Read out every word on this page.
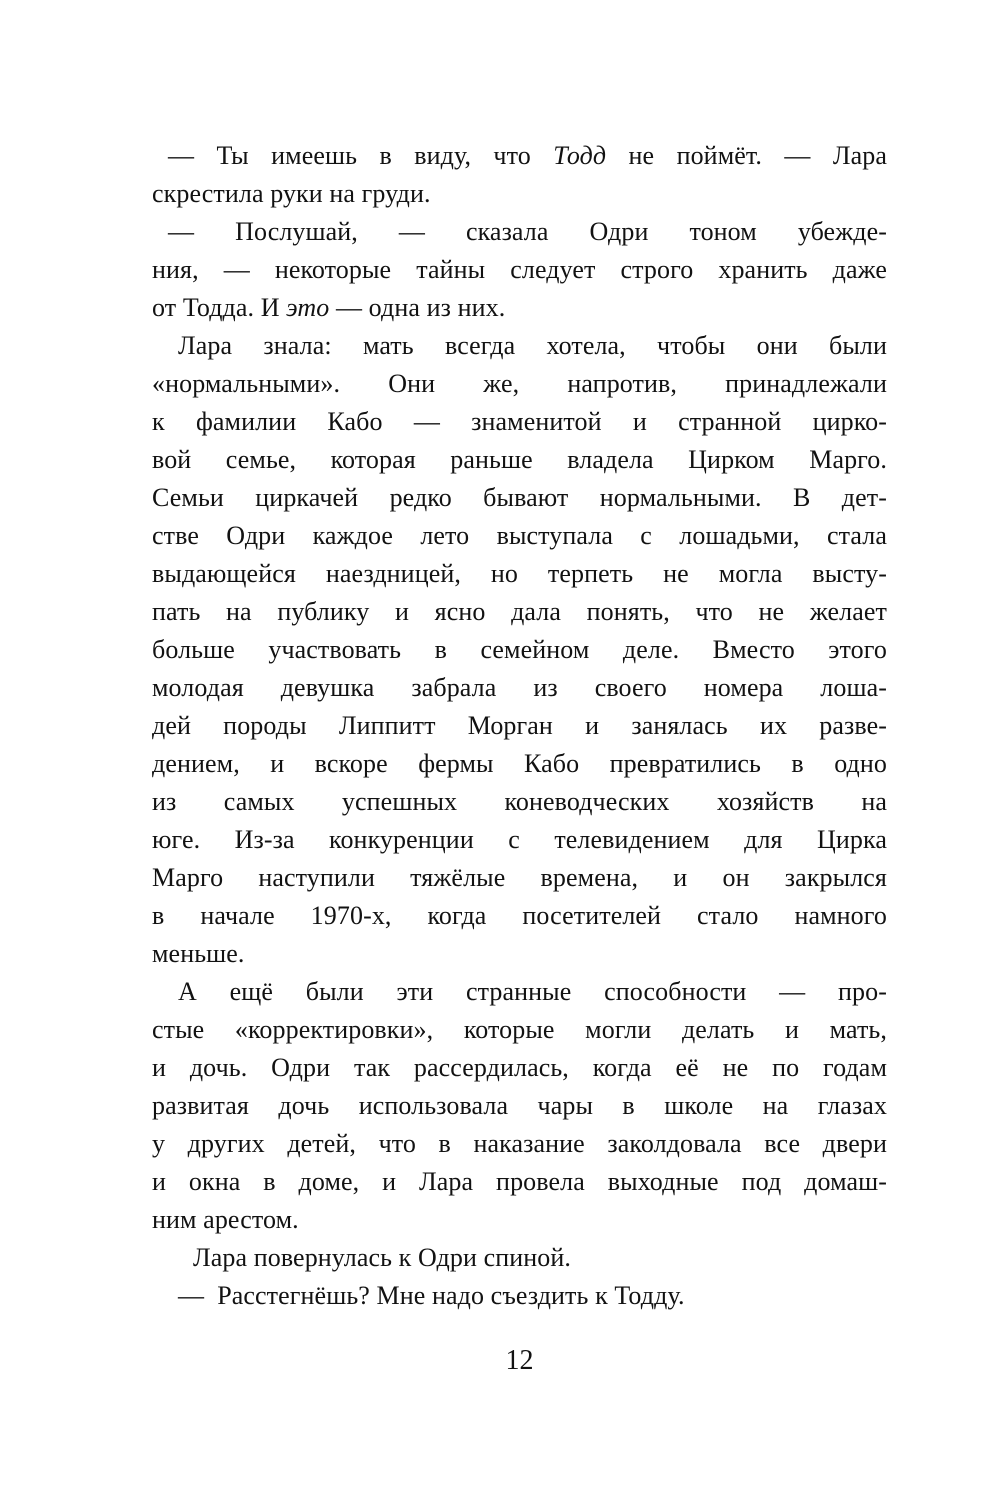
— Ты имеешь в виду, что Тодд не поймёт. — Лара
скрестила руки на груди.
— Послушай, — сказала Одри тоном убежде-
ния, — некоторые тайны следует строго хранить даже
от Тодда. И это — одна из них.
Лара знала: мать всегда хотела, чтобы они были
«нормальными». Они же, напротив, принадлежали
к фамилии Кабо — знаменитой и странной цирко-
вой семье, которая раньше владела Цирком Марго.
Семьи циркачей редко бывают нормальными. В дет-
стве Одри каждое лето выступала с лошадьми, стала
выдающейся наездницей, но терпеть не могла высту-
пать на публику и ясно дала понять, что не желает
больше участвовать в семейном деле. Вместо этого
молодая девушка забрала из своего номера лоша-
дей породы Липпитт Морган и занялась их разве-
дением, и вскоре фермы Кабо превратились в одно
из самых успешных коневодческих хозяйств на
юге. Из-за конкуренции с телевидением для Цирка
Марго наступили тяжёлые времена, и он закрылся
в начале 1970-х, когда посетителей стало намного
меньше.
А ещё были эти странные способности — про-
стые «корректировки», которые могли делать и мать,
и дочь. Одри так рассердилась, когда её не по годам
развитая дочь использовала чары в школе на глазах
у других детей, что в наказание заколдовала все двери
и окна в доме, и Лара провела выходные под домаш-
ним арестом.
Лара повернулась к Одри спиной.
— Расстегнёшь? Мне надо съездить к Тодду.
12
